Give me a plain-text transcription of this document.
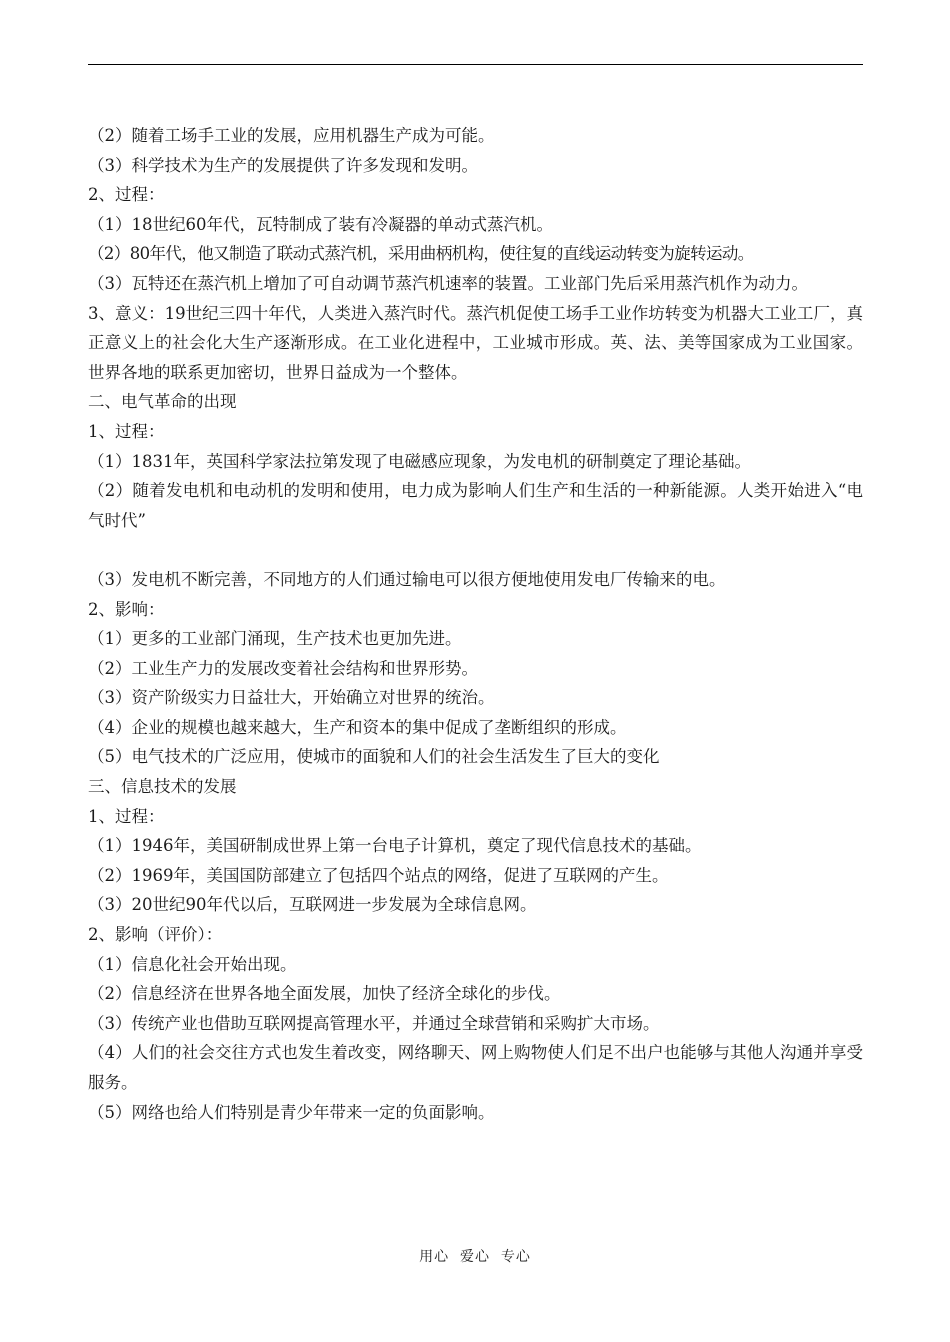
（2）随着工场手工业的发展，应用机器生产成为可能。
（3）科学技术为生产的发展提供了许多发现和发明。
2、过程：
（1）18世纪60年代，瓦特制成了装有冷凝器的单动式蒸汽机。
（2）80年代，他又制造了联动式蒸汽机，采用曲柄机构，使往复的直线运动转变为旋转运动。
（3）瓦特还在蒸汽机上增加了可自动调节蒸汽机速率的装置。工业部门先后采用蒸汽机作为动力。
3、意义：19世纪三四十年代，人类进入蒸汽时代。蒸汽机促使工场手工业作坊转变为机器大工业工厂，真正意义上的社会化大生产逐渐形成。在工业化进程中，工业城市形成。英、法、美等国家成为工业国家。世界各地的联系更加密切，世界日益成为一个整体。
二、电气革命的出现
1、过程：
（1）1831年，英国科学家法拉第发现了电磁感应现象，为发电机的研制奠定了理论基础。
（2）随着发电机和电动机的发明和使用，电力成为影响人们生产和生活的一种新能源。人类开始进入“电气时代”
（3）发电机不断完善，不同地方的人们通过输电可以很方便地使用发电厂传输来的电。
2、影响：
（1）更多的工业部门涌现，生产技术也更加先进。
（2）工业生产力的发展改变着社会结构和世界形势。
（3）资产阶级实力日益壮大，开始确立对世界的统治。
（4）企业的规模也越来越大，生产和资本的集中促成了垄断组织的形成。
（5）电气技术的广泛应用，使城市的面貌和人们的社会生活发生了巨大的变化
三、信息技术的发展
1、过程：
（1）1946年，美国研制成世界上第一台电子计算机，奠定了现代信息技术的基础。
（2）1969年，美国国防部建立了包括四个站点的网络，促进了互联网的产生。
（3）20世纪90年代以后，互联网进一步发展为全球信息网。
2、影响（评价）：
（1）信息化社会开始出现。
（2）信息经济在世界各地全面发展，加快了经济全球化的步伐。
（3）传统产业也借助互联网提高管理水平，并通过全球营销和采购扩大市场。
（4）人们的社会交往方式也发生着改变，网络聊天、网上购物使人们足不出户也能够与其他人沟通并享受服务。
（5）网络也给人们特别是青少年带来一定的负面影响。
用心  爱心  专心
